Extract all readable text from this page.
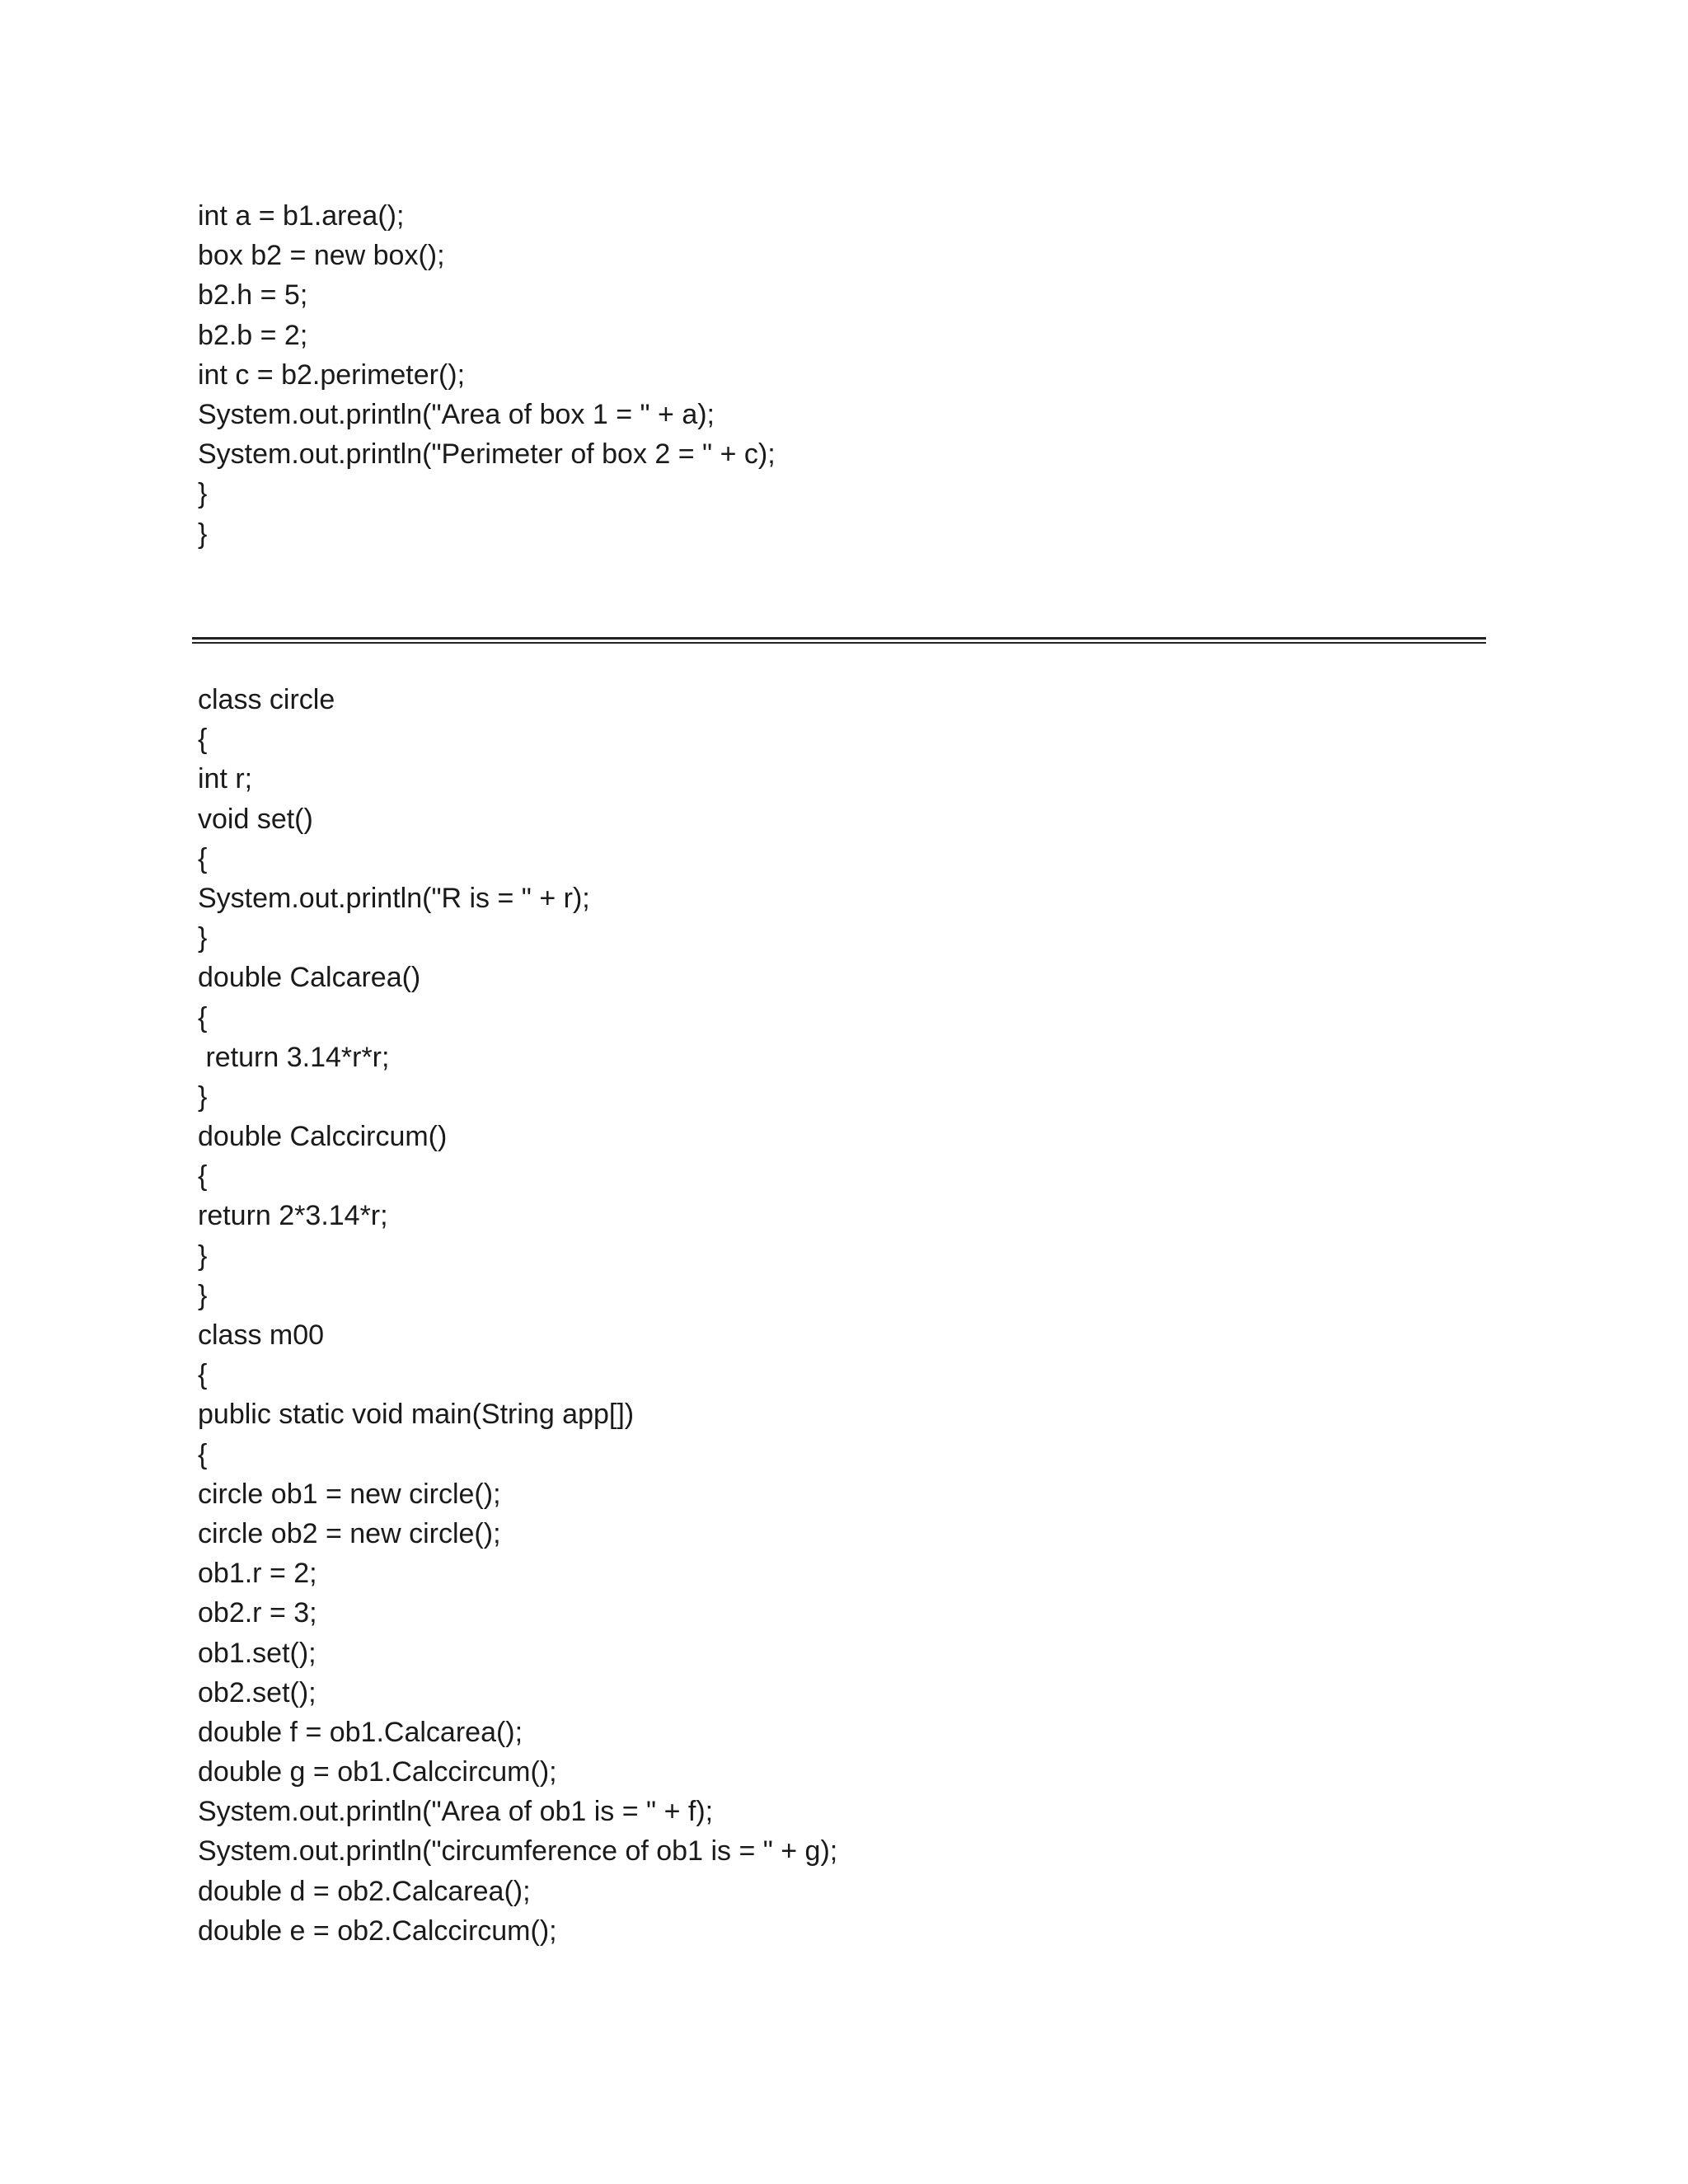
int a = b1.area();
box b2 = new box();
b2.h = 5;
b2.b = 2;
int c = b2.perimeter();
System.out.println("Area of box 1 = " + a);
System.out.println("Perimeter of box 2 = " + c);
}
}
class circle
{
int r;
void set()
{
System.out.println("R is = " + r);
}
double Calcarea()
{
return 3.14*r*r;
}
double Calccircum()
{
return 2*3.14*r;
}
}
class m00
{
public static void main(String app[])
{
circle ob1 = new circle();
circle ob2 = new circle();
ob1.r = 2;
ob2.r = 3;
ob1.set();
ob2.set();
double f = ob1.Calcarea();
double g = ob1.Calccircum();
System.out.println("Area of ob1 is = " + f);
System.out.println("circumference of ob1 is = " + g);
double d = ob2.Calcarea();
double e = ob2.Calccircum();
